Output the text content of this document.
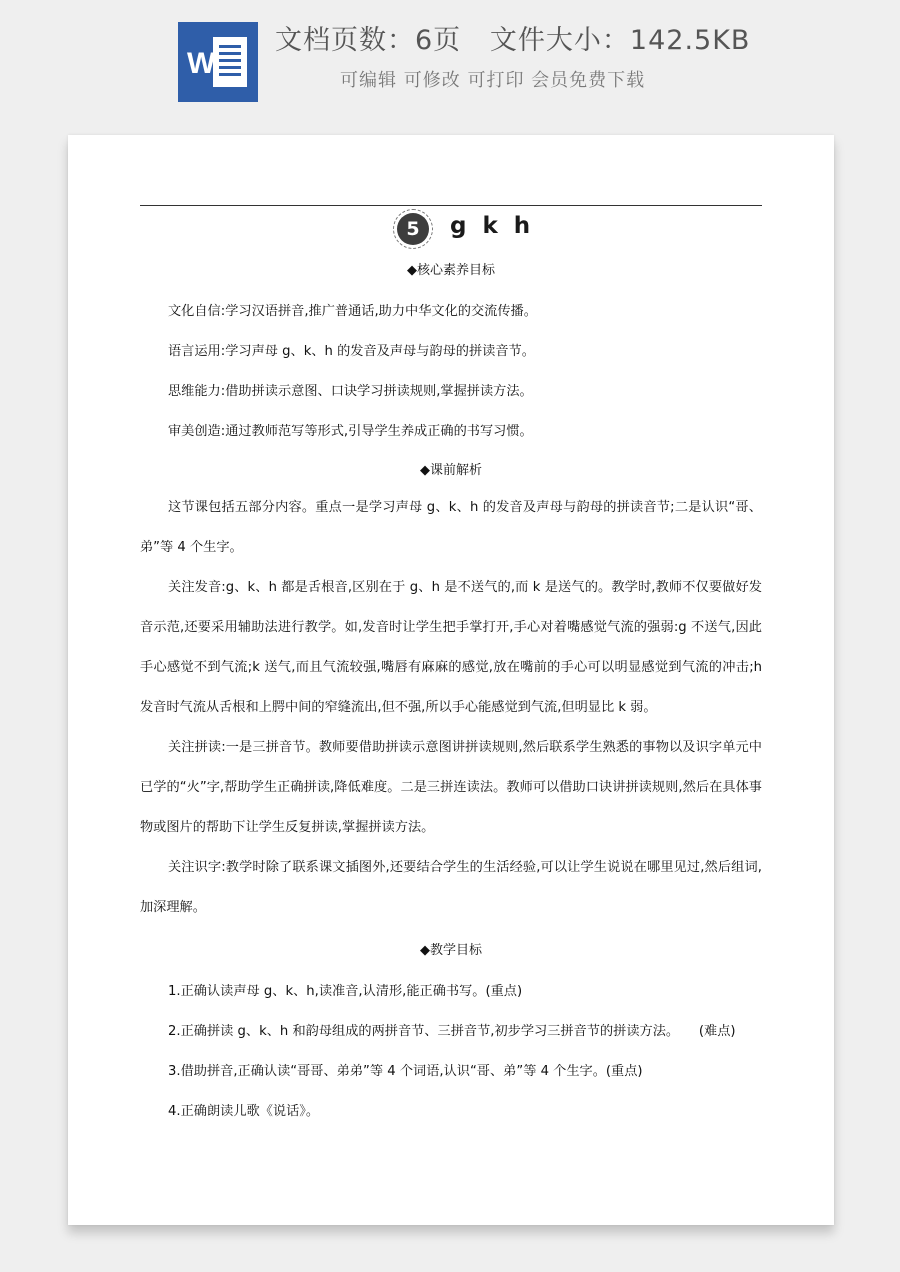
W
文档页数：6页   文件大小：142.5KB
可编辑 可修改 可打印 会员免费下载
5	g k h
◆核心素养目标
文化自信:学习汉语拼音,推广普通话,助力中华文化的交流传播。
语言运用:学习声母 g、k、h 的发音及声母与韵母的拼读音节。
思维能力:借助拼读示意图、口诀学习拼读规则,掌握拼读方法。
审美创造:通过教师范写等形式,引导学生养成正确的书写习惯。
◆课前解析
这节课包括五部分内容。重点一是学习声母 g、k、h 的发音及声母与韵母的拼读音节;二是认识“哥、弟”等 4 个生字。
关注发音:g、k、h 都是舌根音,区别在于 g、h 是不送气的,而 k 是送气的。教学时,教师不仅要做好发音示范,还要采用辅助法进行教学。如,发音时让学生把手掌打开,手心对着嘴感觉气流的强弱:g 不送气,因此手心感觉不到气流;k 送气,而且气流较强,嘴唇有麻麻的感觉,放在嘴前的手心可以明显感觉到气流的冲击;h 发音时气流从舌根和上腭中间的窄缝流出,但不强,所以手心能感觉到气流,但明显比 k 弱。
关注拼读:一是三拼音节。教师要借助拼读示意图讲拼读规则,然后联系学生熟悉的事物以及识字单元中已学的“火”字,帮助学生正确拼读,降低难度。二是三拼连读法。教师可以借助口诀讲拼读规则,然后在具体事物或图片的帮助下让学生反复拼读,掌握拼读方法。
关注识字:教学时除了联系课文插图外,还要结合学生的生活经验,可以让学生说说在哪里见过,然后组词,加深理解。
◆教学目标
1.正确认读声母 g、k、h,读准音,认清形,能正确书写。(重点)
2.正确拼读 g、k、h 和韵母组成的两拼音节、三拼音节,初步学习三拼音节的拼读方法。　　(难点)
3.借助拼音,正确认读“哥哥、弟弟”等 4 个词语,认识“哥、弟”等 4 个生字。(重点)
4.正确朗读儿歌《说话》。
